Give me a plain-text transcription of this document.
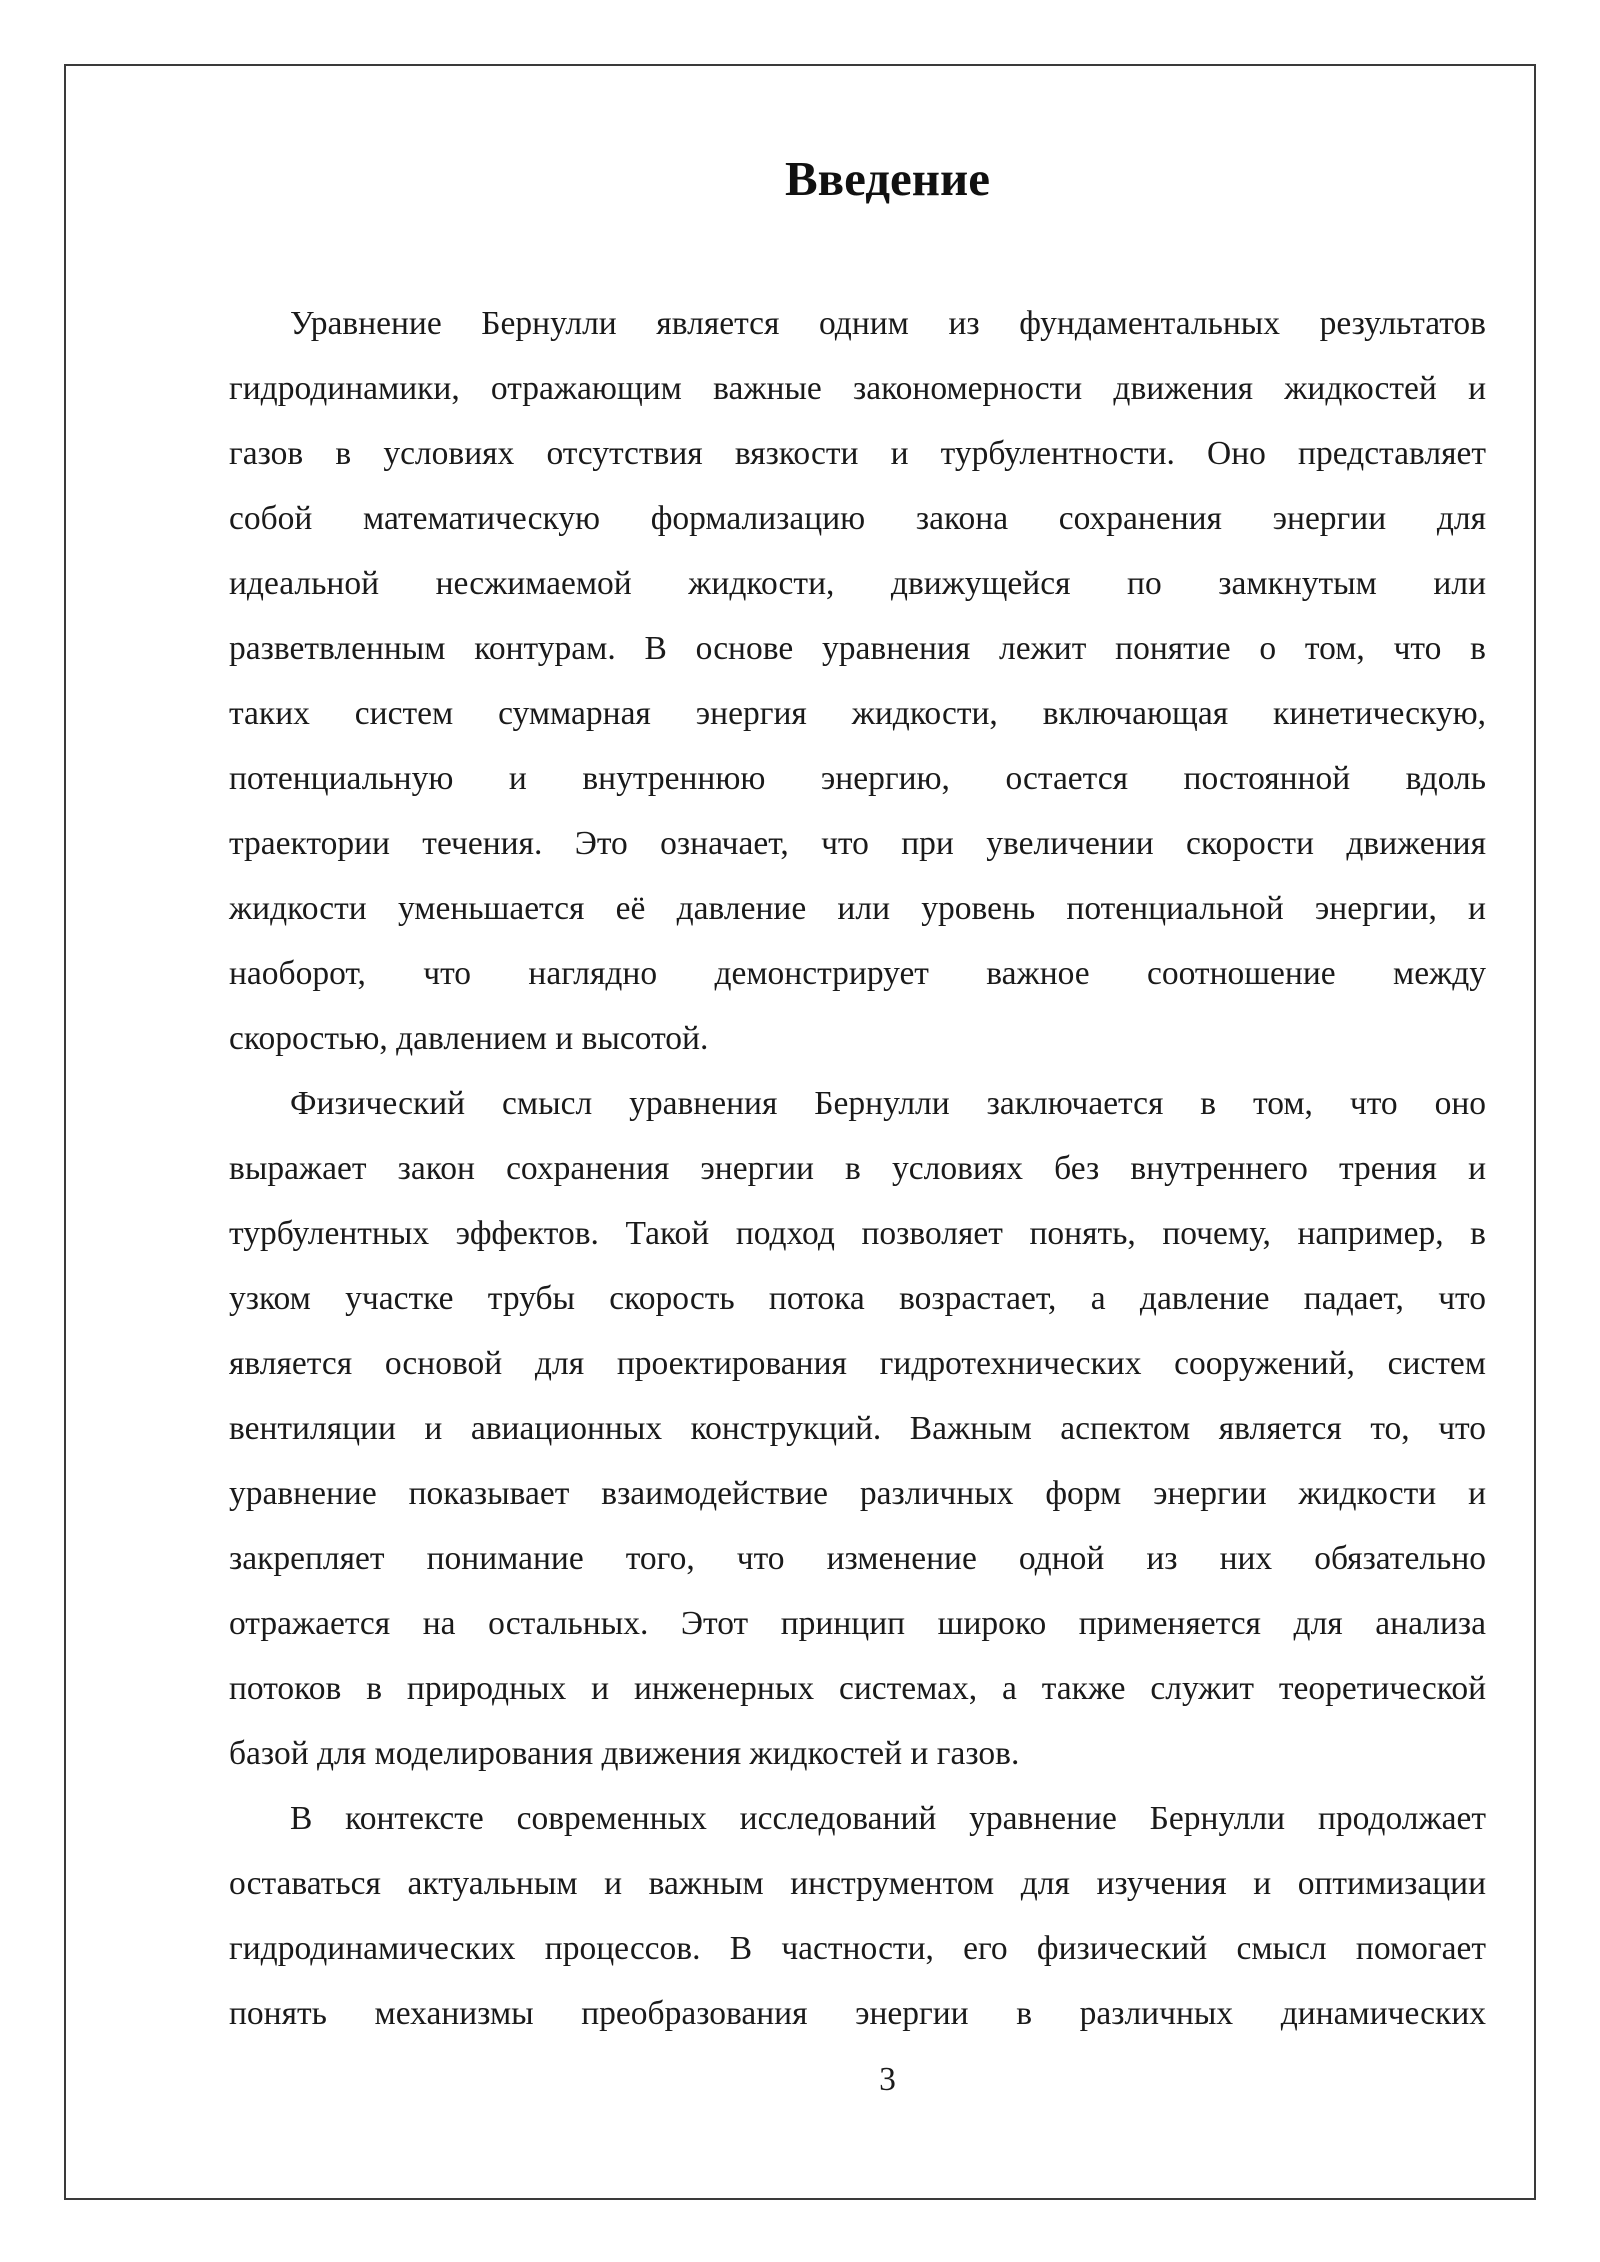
Введение
Уравнение Бернулли является одним из фундаментальных результатов
гидродинамики, отражающим важные закономерности движения жидкостей и
газов в условиях отсутствия вязкости и турбулентности. Оно представляет
собой математическую формализацию закона сохранения энергии для
идеальной несжимаемой жидкости, движущейся по замкнутым или
разветвленным контурам. В основе уравнения лежит понятие о том, что в
таких систем суммарная энергия жидкости, включающая кинетическую,
потенциальную и внутреннюю энергию, остается постоянной вдоль
траектории течения. Это означает, что при увеличении скорости движения
жидкости уменьшается её давление или уровень потенциальной энергии, и
наоборот, что наглядно демонстрирует важное соотношение между
скоростью, давлением и высотой.
Физический смысл уравнения Бернулли заключается в том, что оно
выражает закон сохранения энергии в условиях без внутреннего трения и
турбулентных эффектов. Такой подход позволяет понять, почему, например, в
узком участке трубы скорость потока возрастает, а давление падает, что
является основой для проектирования гидротехнических сооружений, систем
вентиляции и авиационных конструкций. Важным аспектом является то, что
уравнение показывает взаимодействие различных форм энергии жидкости и
закрепляет понимание того, что изменение одной из них обязательно
отражается на остальных. Этот принцип широко применяется для анализа
потоков в природных и инженерных системах, а также служит теоретической
базой для моделирования движения жидкостей и газов.
В контексте современных исследований уравнение Бернулли продолжает
оставаться актуальным и важным инструментом для изучения и оптимизации
гидродинамических процессов. В частности, его физический смысл помогает
понять механизмы преобразования энергии в различных динамических
3
